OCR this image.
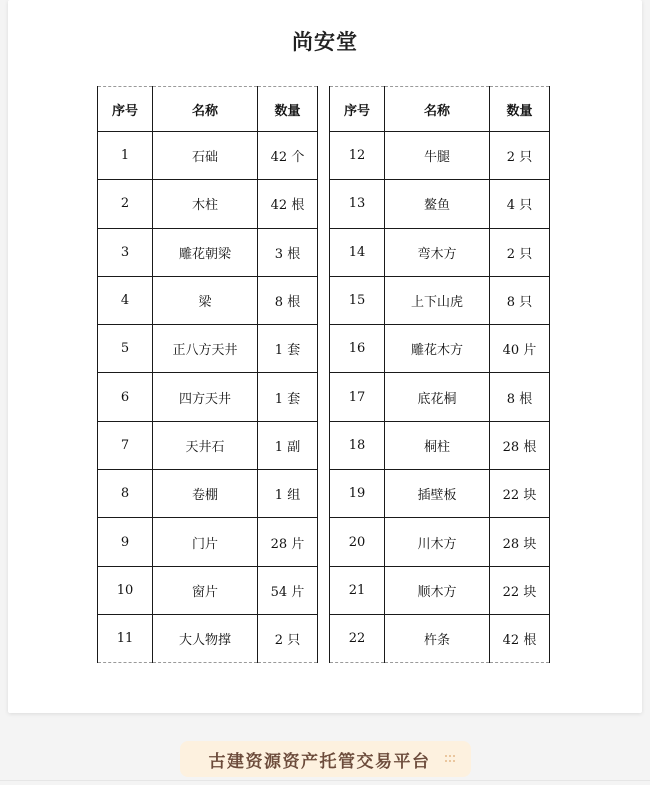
尚安堂
序号	名称	数量
1	石础	42 个
2	木柱	42 根
3	雕花朝梁	3 根
4	梁	8 根
5	正八方天井	1 套
6	四方天井	1 套
7	天井石	1 副
8	卷棚	1 组
9	门片	28 片
10	窗片	54 片
11	大人物撑	2 只
序号	名称	数量
12	牛腿	2 只
13	鳌鱼	4 只
14	弯木方	2 只
15	上下山虎	8 只
16	雕花木方	40 片
17	底花桐	8 根
18	桐柱	28 根
19	插壁板	22 块
20	川木方	28 块
21	顺木方	22 块
22	杵条	42 根
古建资源资产托管交易平台
